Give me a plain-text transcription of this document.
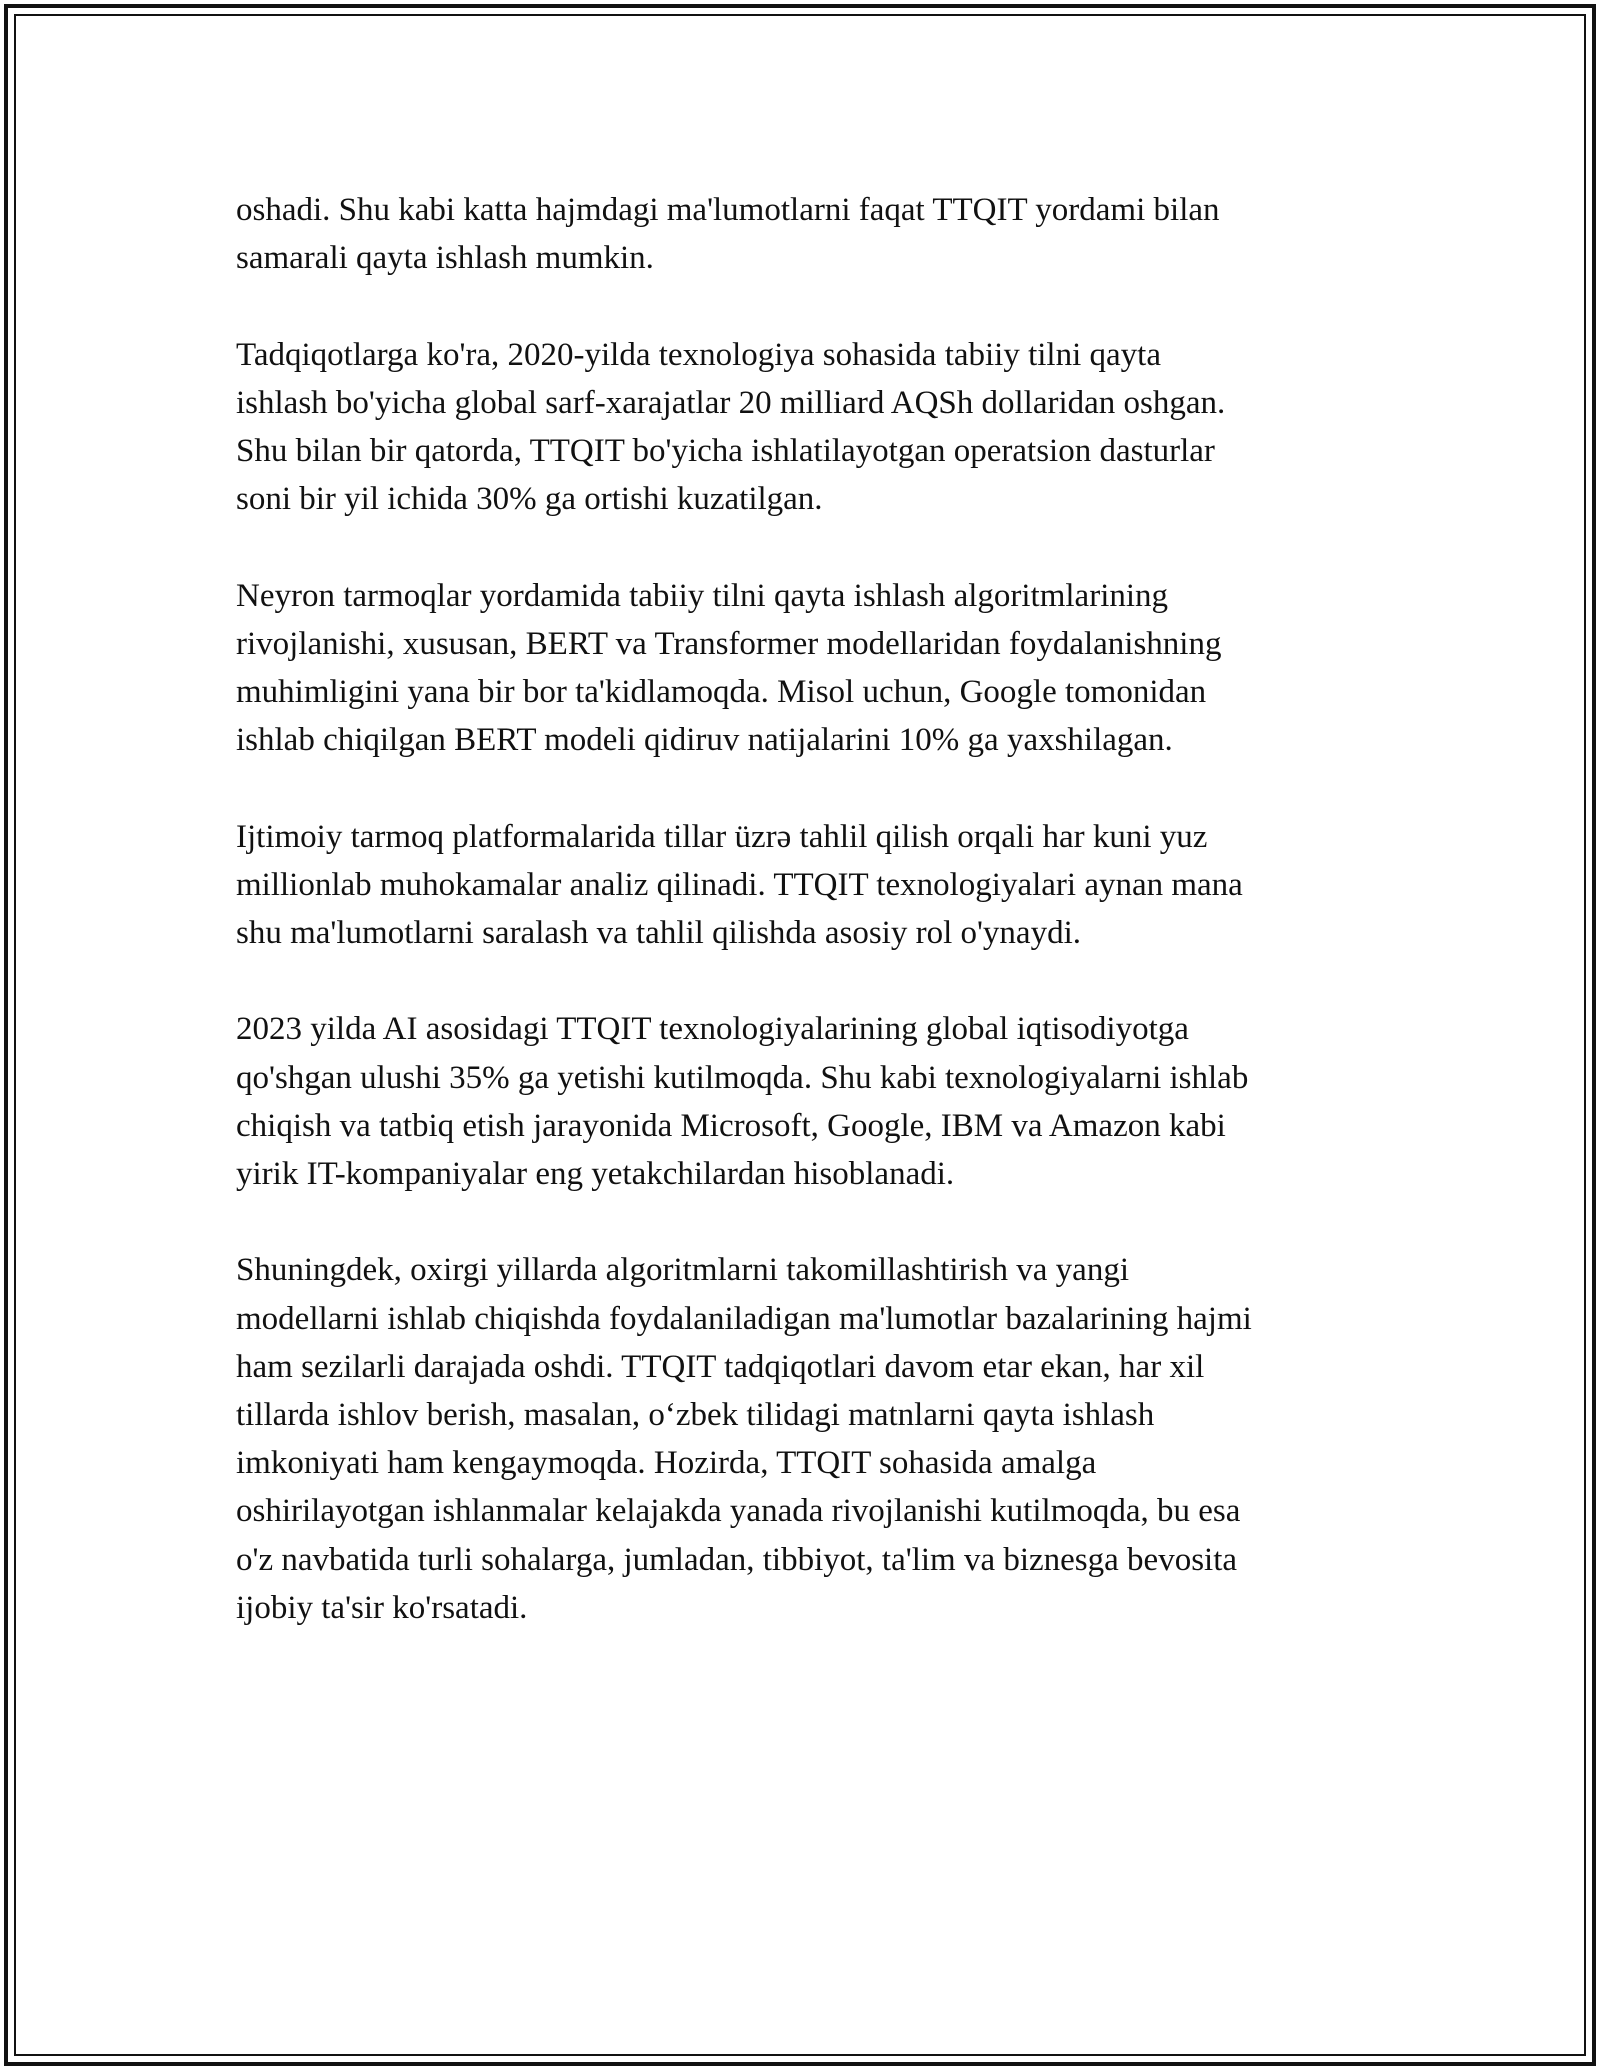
oshadi. Shu kabi katta hajmdagi ma'lumotlarni faqat TTQIT yordami bilan
samarali qayta ishlash mumkin.

Tadqiqotlarga ko'ra, 2020-yilda texnologiya sohasida tabiiy tilni qayta
ishlash bo'yicha global sarf-xarajatlar 20 milliard AQSh dollaridan oshgan.
Shu bilan bir qatorda, TTQIT bo'yicha ishlatilayotgan operatsion dasturlar
soni bir yil ichida 30% ga ortishi kuzatilgan.

Neyron tarmoqlar yordamida tabiiy tilni qayta ishlash algoritmlarining
rivojlanishi, xususan, BERT va Transformer modellaridan foydalanishning
muhimligini yana bir bor ta'kidlamoqda. Misol uchun, Google tomonidan
ishlab chiqilgan BERT modeli qidiruv natijalarini 10% ga yaxshilagan.

Ijtimoiy tarmoq platformalarida tillar üzrə tahlil qilish orqali har kuni yuz
millionlab muhokamalar analiz qilinadi. TTQIT texnologiyalari aynan mana
shu ma'lumotlarni saralash va tahlil qilishda asosiy rol o'ynaydi.

2023 yilda AI asosidagi TTQIT texnologiyalarining global iqtisodiyotga
qo'shgan ulushi 35% ga yetishi kutilmoqda. Shu kabi texnologiyalarni ishlab
chiqish va tatbiq etish jarayonida Microsoft, Google, IBM va Amazon kabi
yirik IT-kompaniyalar eng yetakchilardan hisoblanadi.

Shuningdek, oxirgi yillarda algoritmlarni takomillashtirish va yangi
modellarni ishlab chiqishda foydalaniladigan ma'lumotlar bazalarining hajmi
ham sezilarli darajada oshdi. TTQIT tadqiqotlari davom etar ekan, har xil
tillarda ishlov berish, masalan, oʻzbek tilidagi matnlarni qayta ishlash
imkoniyati ham kengaymoqda. Hozirda, TTQIT sohasida amalga
oshirilayotgan ishlanmalar kelajakda yanada rivojlanishi kutilmoqda, bu esa
o'z navbatida turli sohalarga, jumladan, tibbiyot, ta'lim va biznesga bevosita
ijobiy ta'sir ko'rsatadi.
